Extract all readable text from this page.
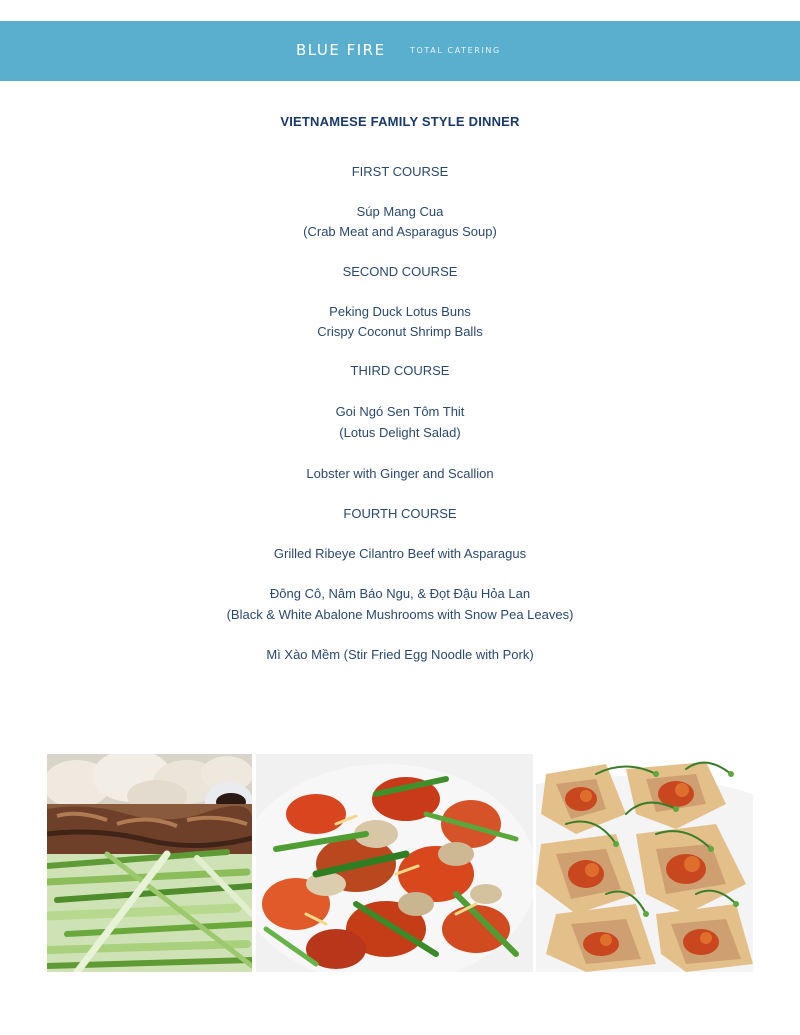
BLUE FIRE	TOTAL CATERING
VIETNAMESE FAMILY STYLE DINNER
FIRST COURSE
Súp Mang Cua
(Crab Meat and Asparagus Soup)
SECOND COURSE
Peking Duck Lotus Buns
Crispy Coconut Shrimp Balls
THIRD COURSE
Goi Ngó Sen Tôm Thit
(Lotus Delight Salad)
Lobster with Ginger and Scallion
FOURTH COURSE
Grilled Ribeye Cilantro Beef with Asparagus
Đông Cô, Nâm Báo Ngu, & Đọt Đậu Hỏa Lan
(Black & White Abalone Mushrooms with Snow Pea Leaves)
Mì Xào Mềm (Stir Fried Egg Noodle with Pork)
